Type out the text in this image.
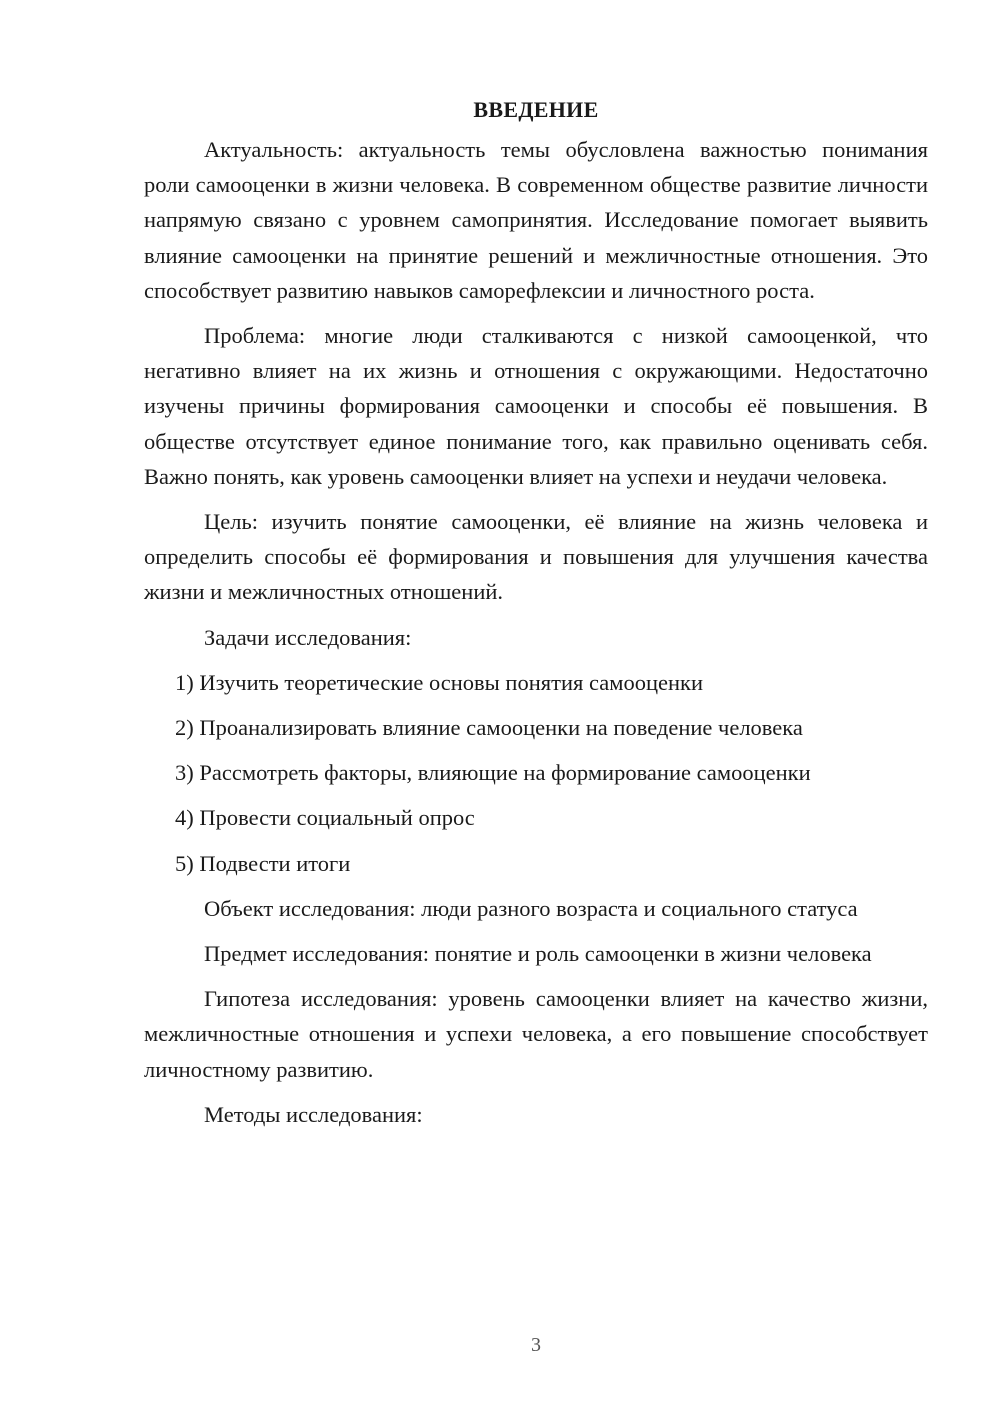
ВВЕДЕНИЕ

Актуальность: актуальность темы обусловлена важностью понимания роли самооценки в жизни человека. В современном обществе развитие личности напрямую связано с уровнем самопринятия. Исследование помогает выявить влияние самооценки на принятие решений и межличностные отношения. Это способствует развитию навыков саморефлексии и личностного роста.

Проблема: многие люди сталкиваются с низкой самооценкой, что негативно влияет на их жизнь и отношения с окружающими. Недостаточно изучены причины формирования самооценки и способы её повышения. В обществе отсутствует единое понимание того, как правильно оценивать себя. Важно понять, как уровень самооценки влияет на успехи и неудачи человека.

Цель: изучить понятие самооценки, её влияние на жизнь человека и определить способы её формирования и повышения для улучшения качества жизни и межличностных отношений.

Задачи исследования:

1) Изучить теоретические основы понятия самооценки
2) Проанализировать влияние самооценки на поведение человека
3) Рассмотреть факторы, влияющие на формирование самооценки
4) Провести социальный опрос
5) Подвести итоги

Объект исследования: люди разного возраста и социального статуса

Предмет исследования: понятие и роль самооценки в жизни человека

Гипотеза исследования: уровень самооценки влияет на качество жизни, межличностные отношения и успехи человека, а его повышение способствует личностному развитию.

Методы исследования:

3
